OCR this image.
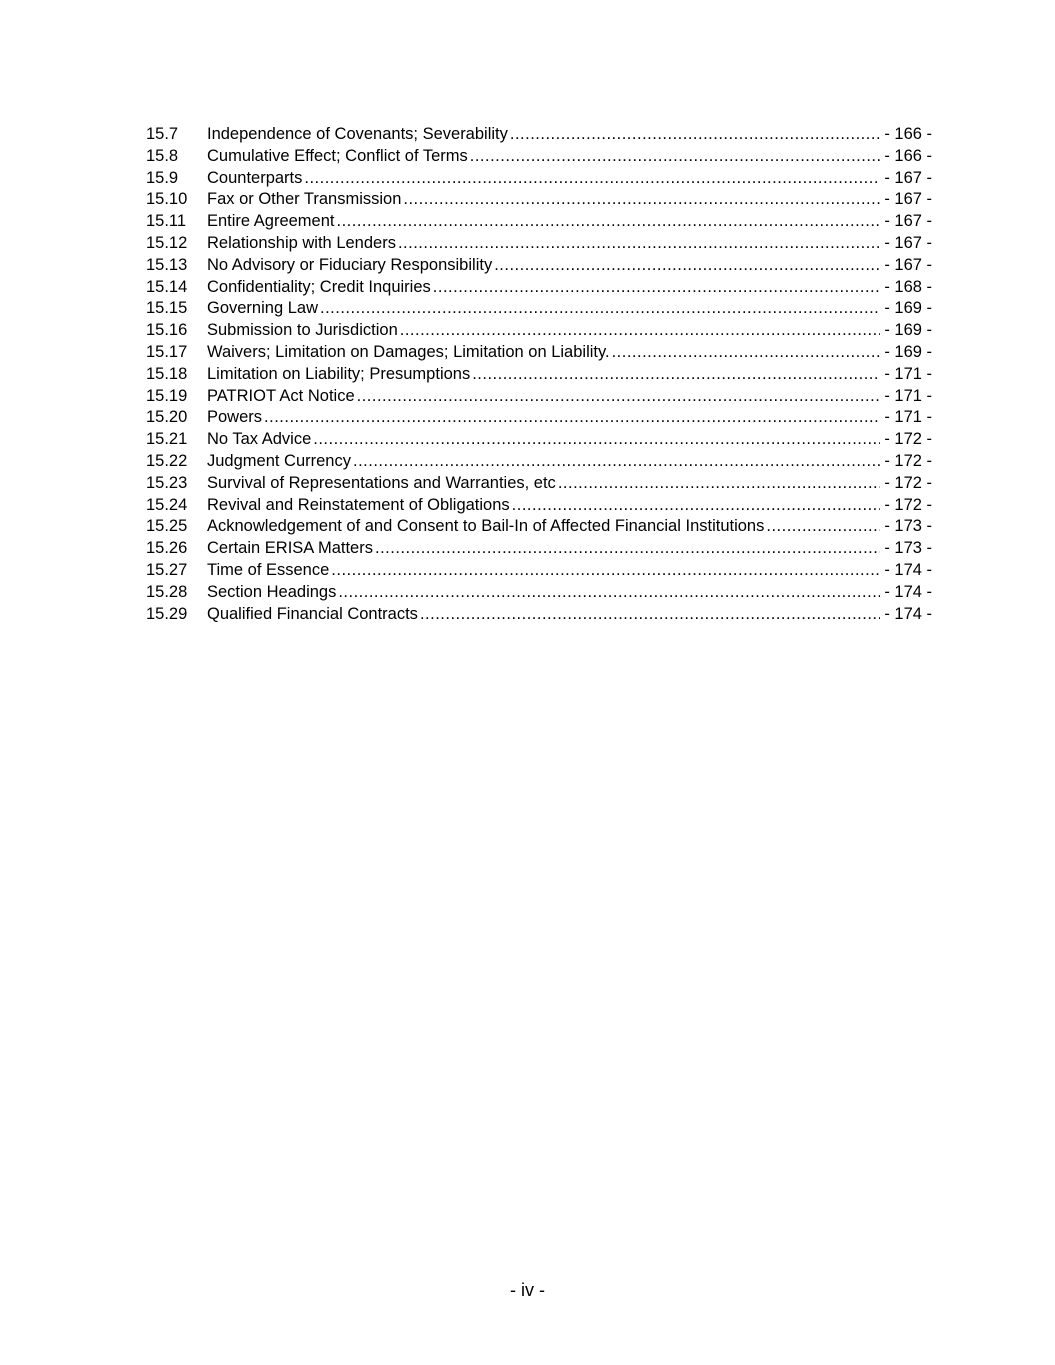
15.7	Independence of Covenants; Severability .....	- 166 -
15.8	Cumulative Effect; Conflict of Terms .....	- 166 -
15.9	Counterparts .....	- 167 -
15.10	Fax or Other Transmission .....	- 167 -
15.11	Entire Agreement .....	- 167 -
15.12	Relationship with Lenders .....	- 167 -
15.13	No Advisory or Fiduciary Responsibility .....	- 167 -
15.14	Confidentiality; Credit Inquiries .....	- 168 -
15.15	Governing Law .....	- 169 -
15.16	Submission to Jurisdiction .....	- 169 -
15.17	Waivers; Limitation on Damages; Limitation on Liability. .....	- 169 -
15.18	Limitation on Liability; Presumptions .....	- 171 -
15.19	PATRIOT Act Notice .....	- 171 -
15.20	Powers .....	- 171 -
15.21	No Tax Advice .....	- 172 -
15.22	Judgment Currency .....	- 172 -
15.23	Survival of Representations and Warranties, etc .....	- 172 -
15.24	Revival and Reinstatement of Obligations .....	- 172 -
15.25	Acknowledgement of and Consent to Bail-In of Affected Financial Institutions .....	- 173 -
15.26	Certain ERISA Matters .....	- 173 -
15.27	Time of Essence .....	- 174 -
15.28	Section Headings .....	- 174 -
15.29	Qualified Financial Contracts .....	- 174 -
- iv -
